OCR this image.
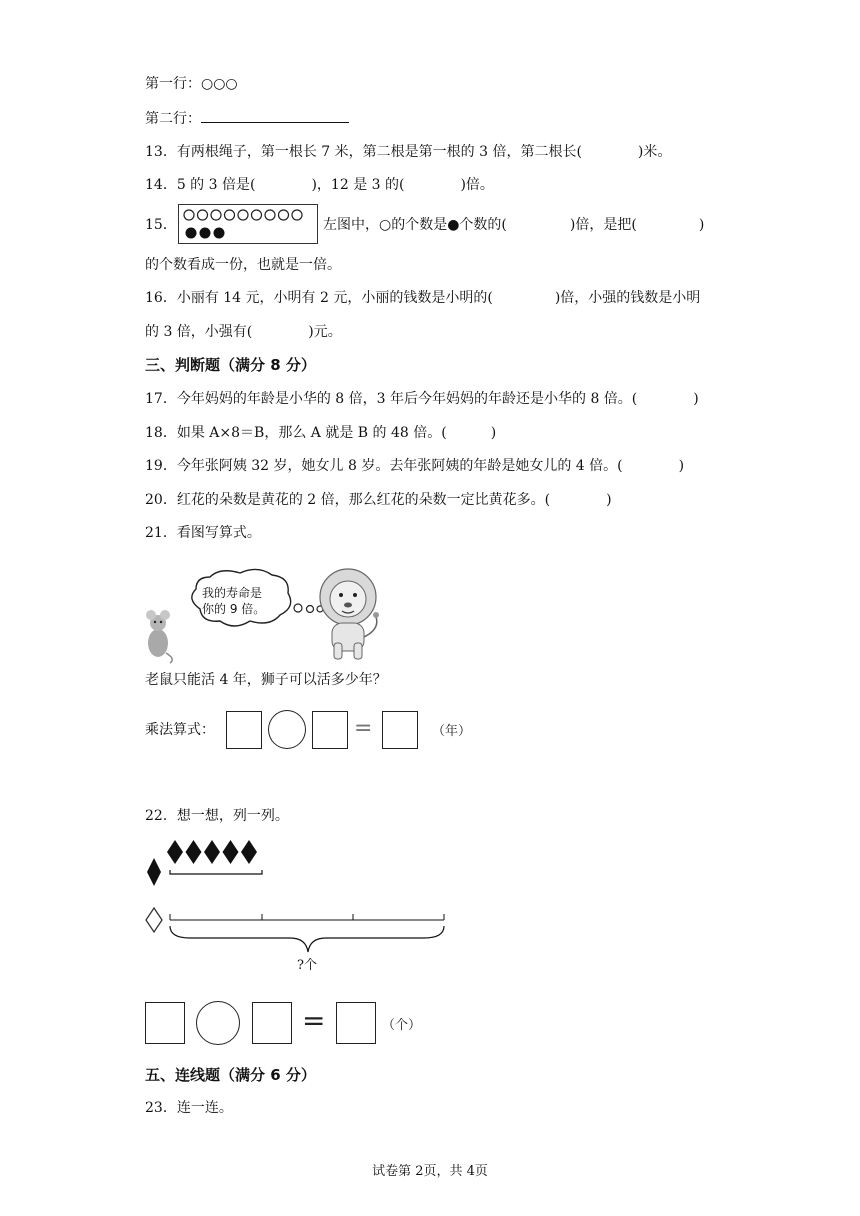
第一行：○○○
第二行：
13．有两根绳子，第一根长 7 米，第二根是第一根的 3 倍，第二根长(	)米。
14．5 的 3 倍是(	)，12 是 3 的(	)倍。
15．	左图中，○的个数是●个数的(	)倍，是把(	)
的个数看成一份，也就是一倍。
16．小丽有 14 元，小明有 2 元，小丽的钱数是小明的(	)倍，小强的钱数是小明
的 3 倍，小强有(	)元。
三、判断题（满分 8 分）
17．今年妈妈的年龄是小华的 8 倍，3 年后今年妈妈的年龄还是小华的 8 倍。(	)
18．如果 A×8＝B，那么 A 就是 B 的 48 倍。(	)
19．今年张阿姨 32 岁，她女儿 8 岁。去年张阿姨的年龄是她女儿的 4 倍。(	)
20．红花的朵数是黄花的 2 倍，那么红花的朵数一定比黄花多。(	)
21．看图写算式。
我的寿命是
你的 9 倍。
老鼠只能活 4 年，狮子可以活多少年？
乘法算式：	=	（年）
22．想一想，列一列。
?个
=	（个）
五、连线题（满分 6 分）
23．连一连。
试卷第 2页，共 4页
